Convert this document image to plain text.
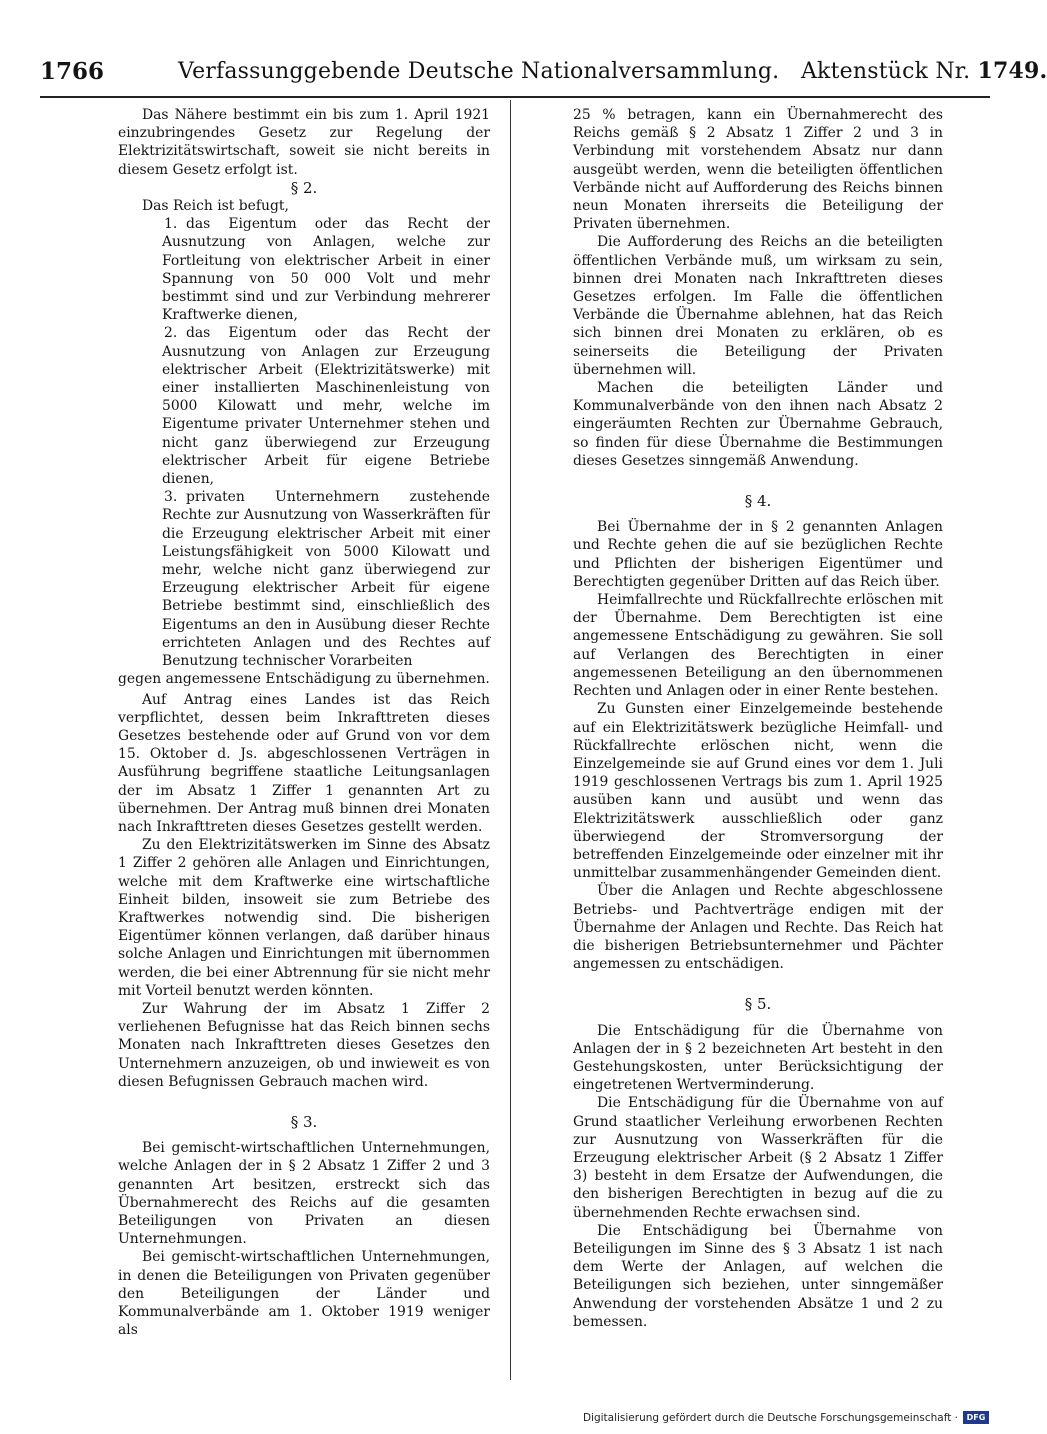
1766	Verfassunggebende Deutsche Nationalversammlung. Aktenstück Nr. 1749.

Das Nähere bestimmt ein bis zum 1. April 1921 einzubringendes Gesetz zur Regelung der Elektrizitätswirtschaft, soweit sie nicht bereits in diesem Gesetz erfolgt ist.

§ 2.

Das Reich ist befugt,

1. das Eigentum oder das Recht der Ausnutzung von Anlagen, welche zur Fortleitung von elektrischer Arbeit in einer Spannung von 50 000 Volt und mehr bestimmt sind und zur Verbindung mehrerer Kraftwerke dienen,

2. das Eigentum oder das Recht der Ausnutzung von Anlagen zur Erzeugung elektrischer Arbeit (Elektrizitätswerke) mit einer installierten Maschinenleistung von 5000 Kilowatt und mehr, welche im Eigentume privater Unternehmer stehen und nicht ganz überwiegend zur Erzeugung elektrischer Arbeit für eigene Betriebe dienen,

3. privaten Unternehmern zustehende Rechte zur Ausnutzung von Wasserkräften für die Erzeugung elektrischer Arbeit mit einer Leistungsfähigkeit von 5000 Kilowatt und mehr, welche nicht ganz überwiegend zur Erzeugung elektrischer Arbeit für eigene Betriebe bestimmt sind, einschließlich des Eigentums an den in Ausübung dieser Rechte errichteten Anlagen und des Rechtes auf Benutzung technischer Vorarbeiten

gegen angemessene Entschädigung zu übernehmen.

Auf Antrag eines Landes ist das Reich verpflichtet, dessen beim Inkrafttreten dieses Gesetzes bestehende oder auf Grund von vor dem 15. Oktober d. Js. abgeschlossenen Verträgen in Ausführung begriffene staatliche Leitungsanlagen der im Absatz 1 Ziffer 1 genannten Art zu übernehmen. Der Antrag muß binnen drei Monaten nach Inkrafttreten dieses Gesetzes gestellt werden.

Zu den Elektrizitätswerken im Sinne des Absatz 1 Ziffer 2 gehören alle Anlagen und Einrichtungen, welche mit dem Kraftwerke eine wirtschaftliche Einheit bilden, insoweit sie zum Betriebe des Kraftwerkes notwendig sind. Die bisherigen Eigentümer können verlangen, daß darüber hinaus solche Anlagen und Einrichtungen mit übernommen werden, die bei einer Abtrennung für sie nicht mehr mit Vorteil benutzt werden könnten.

Zur Wahrung der im Absatz 1 Ziffer 2 verliehenen Befugnisse hat das Reich binnen sechs Monaten nach Inkrafttreten dieses Gesetzes den Unternehmern anzuzeigen, ob und inwieweit es von diesen Befugnissen Gebrauch machen wird.

§ 3.

Bei gemischt-wirtschaftlichen Unternehmungen, welche Anlagen der in § 2 Absatz 1 Ziffer 2 und 3 genannten Art besitzen, erstreckt sich das Übernahmerecht des Reichs auf die gesamten Beteiligungen von Privaten an diesen Unternehmungen.

Bei gemischt-wirtschaftlichen Unternehmungen, in denen die Beteiligungen von Privaten gegenüber den Beteiligungen der Länder und Kommunalverbände am 1. Oktober 1919 weniger als

25 % betragen, kann ein Übernahmerecht des Reichs gemäß § 2 Absatz 1 Ziffer 2 und 3 in Verbindung mit vorstehendem Absatz nur dann ausgeübt werden, wenn die beteiligten öffentlichen Verbände nicht auf Aufforderung des Reichs binnen neun Monaten ihrerseits die Beteiligung der Privaten übernehmen.

Die Aufforderung des Reichs an die beteiligten öffentlichen Verbände muß, um wirksam zu sein, binnen drei Monaten nach Inkrafttreten dieses Gesetzes erfolgen. Im Falle die öffentlichen Verbände die Übernahme ablehnen, hat das Reich sich binnen drei Monaten zu erklären, ob es seinerseits die Beteiligung der Privaten übernehmen will.

Machen die beteiligten Länder und Kommunalverbände von den ihnen nach Absatz 2 eingeräumten Rechten zur Übernahme Gebrauch, so finden für diese Übernahme die Bestimmungen dieses Gesetzes sinngemäß Anwendung.

§ 4.

Bei Übernahme der in § 2 genannten Anlagen und Rechte gehen die auf sie bezüglichen Rechte und Pflichten der bisherigen Eigentümer und Berechtigten gegenüber Dritten auf das Reich über.

Heimfallrechte und Rückfallrechte erlöschen mit der Übernahme. Dem Berechtigten ist eine angemessene Entschädigung zu gewähren. Sie soll auf Verlangen des Berechtigten in einer angemessenen Beteiligung an den übernommenen Rechten und Anlagen oder in einer Rente bestehen.

Zu Gunsten einer Einzelgemeinde bestehende auf ein Elektrizitätswerk bezügliche Heimfall- und Rückfallrechte erlöschen nicht, wenn die Einzelgemeinde sie auf Grund eines vor dem 1. Juli 1919 geschlossenen Vertrags bis zum 1. April 1925 ausüben kann und ausübt und wenn das Elektrizitätswerk ausschließlich oder ganz überwiegend der Stromversorgung der betreffenden Einzelgemeinde oder einzelner mit ihr unmittelbar zusammenhängender Gemeinden dient.

Über die Anlagen und Rechte abgeschlossene Betriebs- und Pachtverträge endigen mit der Übernahme der Anlagen und Rechte. Das Reich hat die bisherigen Betriebsunternehmer und Pächter angemessen zu entschädigen.

§ 5.

Die Entschädigung für die Übernahme von Anlagen der in § 2 bezeichneten Art besteht in den Gestehungskosten, unter Berücksichtigung der eingetretenen Wertverminderung.

Die Entschädigung für die Übernahme von auf Grund staatlicher Verleihung erworbenen Rechten zur Ausnutzung von Wasserkräften für die Erzeugung elektrischer Arbeit (§ 2 Absatz 1 Ziffer 3) besteht in dem Ersatze der Aufwendungen, die den bisherigen Berechtigten in bezug auf die zu übernehmenden Rechte erwachsen sind.

Die Entschädigung bei Übernahme von Beteiligungen im Sinne des § 3 Absatz 1 ist nach dem Werte der Anlagen, auf welchen die Beteiligungen sich beziehen, unter sinngemäßer Anwendung der vorstehenden Absätze 1 und 2 zu bemessen.

Digitalisierung gefördert durch die Deutsche Forschungsgemeinschaft ·	DFG
